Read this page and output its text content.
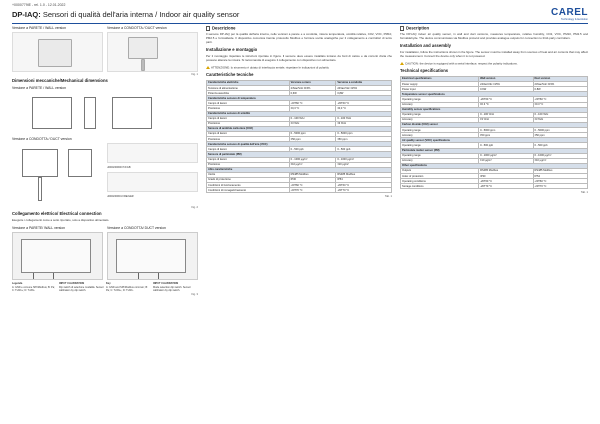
+0000779IE - rel. 1.0 - 12.01.2022
DP-IAQ: Sensori di qualità dell'aria interna / Indoor air quality sensor	CAREL
Technology & Evolution
Versione a PARETE / WALL version	Versione a CONDOTTA / DUCT version
Fig. 1
Dimensioni meccaniche/Mechanical dimensions
Versione a PARETE / WALL version
Versione a CONDOTTA / DUCT version
•0000200600 ITA/GB
•0000200601 FRE/GER
Fig. 2
Collegamento elettrico/ Electrical connection
Eseguire i collegamenti come a sotto riportato, solo a dispositivo alimentato.
Versione a PARETE/ WALL version	Versione a CONDOTTA/ DUCT version
Legenda
A: GND e comune SPI/Modbus; B: Pa; C: Tx/Rx+; D: Tx/Rx-
INPUT CALIBRATION
Dip switch di selezione modalità. Sensor calibration by dip switch.
Key
A: GND and SPI/Modbus common; B: Pa; C: Tx/Rx+; D: Tx/Rx-
INPUT CALIBRATION
Mode selection dip switch. Sensor calibration by dip switch.
Fig. 3
Descrizione
Il sensore DP-IAQ per la qualità dell'aria interna, nelle versioni a parete e a condotta, misura temperatura, umidità relativa, CO2, VOC, PM10, PM2.5 e formaldeide. Il dispositivo comunica tramite protocollo Modbus e fornisce uscite analogiche per il collegamento a controllori di terze parti.
Installazione e montaggio
Per il montaggio rispettare le istruzioni riportate in figura. Il sensore deve essere installato lontano da fonti di calore e da correnti d'aria che possano alterare la misura. Si raccomanda di eseguire il collegamento con dispositivo non alimentato.
ATTENZIONE: lo strumento è dotato di interfaccia seriale; rispettare le indicazioni di polarità.
Caratteristiche tecniche
Caratteristiche elettriche	Versione a muro	Versione a condotta
Tensione di alimentazione	24Vac/Vdc ±15%	24Vac/Vdc ±15%
Potenza assorbita	0,6W	0,8W
Caratteristiche sensore di temperatura		
Campo di lavoro	-20T60 °C	-20T60 °C
Precisione	±0,3 °C	±0,3 °C
Caratteristiche sensore di umidità		
Campo di lavoro	0...100 %rH	0...100 %rH
Precisione	±3 %rH	±3 %rH
Sensore di anidride carbonica (CO2)		
Campo di lavoro	0...5000 ppm	0...5000 ppm
Precisione	±50 ppm	±50 ppm
Caratteristiche sensore di qualità dell'aria (VOC)		
Campo di lavoro	0...500 ppb	0...500 ppb
Sensore di particolato (PM)		
Campo di lavoro	0...1000 µg/m³	0...1000 µg/m³
Precisione	±10 µg/m³	±10 µg/m³
Altre caratteristiche		
Uscite	RS485 Modbus	RS485 Modbus
Grado di protezione	IP30	IP54
Condizioni di funzionamento	-20T60 °C	-20T60 °C
Condizioni di immagazzinamento	-20T70 °C	-20T70 °C
Tab. 1
Description
The DP-IAQ indoor air quality sensor, in wall and duct versions, measures temperature, relative humidity, CO2, VOC, PM10, PM2.5 and formaldehyde. The device communicates via Modbus protocol and provides analogue outputs for connection to third-party controllers.
Installation and assembly
For installation, follow the instructions shown in the figure. The sensor must be installed away from sources of heat and air currents that may affect the measurement. Connect the device only when it is not powered.
CAUTION: the device is equipped with a serial interface; respect the polarity indications.
Technical specifications
Electrical specifications	Wall version	Duct version
Power supply	24Vac/Vdc ±15%	24Vac/Vdc ±15%
Power input	0.6W	0.8W
Temperature sensor specifications		
Operating range	-20T60 °C	-20T60 °C
Accuracy	±0.3 °C	±0.3 °C
Humidity sensor specifications		
Operating range	0...100 %rH	0...100 %rH
Accuracy	±3 %rH	±3 %rH
Carbon dioxide (CO2) sensor		
Operating range	0...5000 ppm	0...5000 ppm
Accuracy	±50 ppm	±50 ppm
Air quality sensor (VOC) specifications		
Operating range	0...500 ppb	0...500 ppb
Particulate matter sensor (PM)		
Operating range	0...1000 µg/m³	0...1000 µg/m³
Accuracy	±10 µg/m³	±10 µg/m³
Other specifications		
Outputs	RS485 Modbus	RS485 Modbus
Index of protection	IP30	IP54
Operating conditions	-20T60 °C	-20T60 °C
Storage conditions	-20T70 °C	-20T70 °C
Tab. 1
